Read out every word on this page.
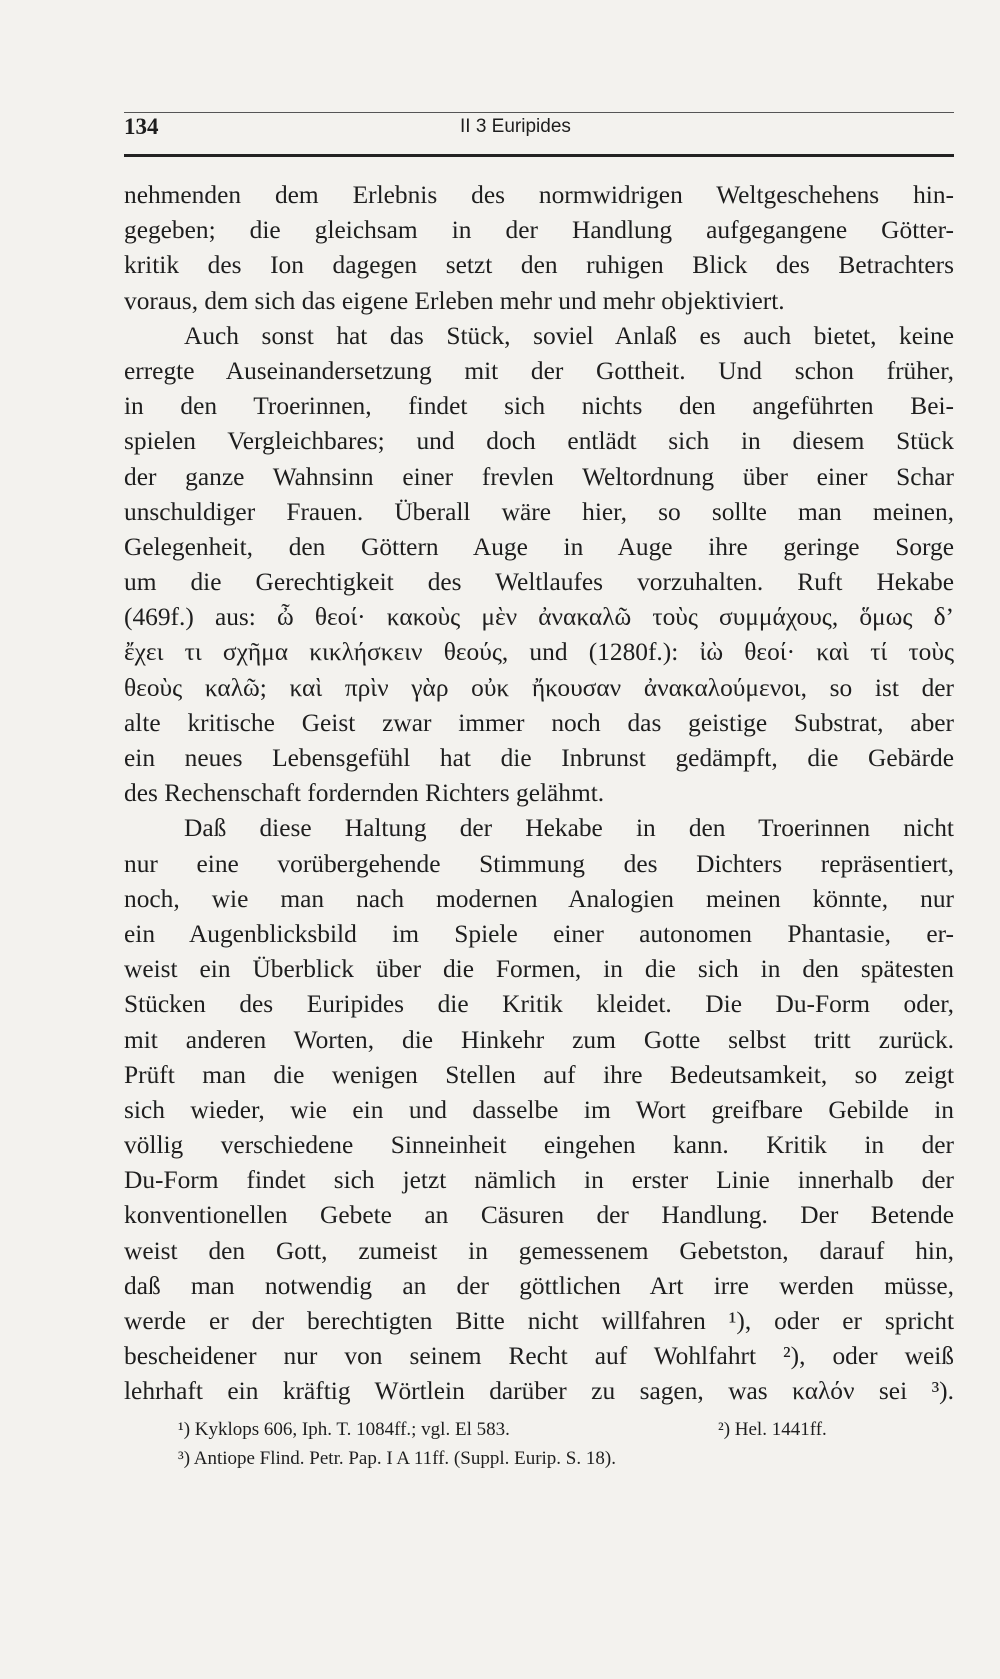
134	II 3 Euripides
nehmenden dem Erlebnis des normwidrigen Weltgeschehens hin-
gegeben; die gleichsam in der Handlung aufgegangene Götter-
kritik des Ion dagegen setzt den ruhigen Blick des Betrachters
voraus, dem sich das eigene Erleben mehr und mehr objektiviert.
Auch sonst hat das Stück, soviel Anlaß es auch bietet, keine
erregte Auseinandersetzung mit der Gottheit. Und schon früher,
in den Troerinnen, findet sich nichts den angeführten Bei-
spielen Vergleichbares; und doch entlädt sich in diesem Stück
der ganze Wahnsinn einer frevlen Weltordnung über einer Schar
unschuldiger Frauen. Überall wäre hier, so sollte man meinen,
Gelegenheit, den Göttern Auge in Auge ihre geringe Sorge
um die Gerechtigkeit des Weltlaufes vorzuhalten. Ruft Hekabe
(469f.) aus: ὦ θεοί· κακοὺς μὲν ἀνακαλῶ τοὺς συμμάχους, ὅμως δ’
ἔχει τι σχῆμα κικλήσκειν θεούς, und (1280f.): ἰὼ θεοί· καὶ τί τοὺς
θεοὺς καλῶ; καὶ πρὶν γὰρ οὐκ ἤκουσαν ἀνακαλούμενοι, so ist der
alte kritische Geist zwar immer noch das geistige Substrat, aber
ein neues Lebensgefühl hat die Inbrunst gedämpft, die Gebärde
des Rechenschaft fordernden Richters gelähmt.
Daß diese Haltung der Hekabe in den Troerinnen nicht
nur eine vorübergehende Stimmung des Dichters repräsentiert,
noch, wie man nach modernen Analogien meinen könnte, nur
ein Augenblicksbild im Spiele einer autonomen Phantasie, er-
weist ein Überblick über die Formen, in die sich in den spätesten
Stücken des Euripides die Kritik kleidet. Die Du-Form oder,
mit anderen Worten, die Hinkehr zum Gotte selbst tritt zurück.
Prüft man die wenigen Stellen auf ihre Bedeutsamkeit, so zeigt
sich wieder, wie ein und dasselbe im Wort greifbare Gebilde in
völlig verschiedene Sinneinheit eingehen kann. Kritik in der
Du-Form findet sich jetzt nämlich in erster Linie innerhalb der
konventionellen Gebete an Cäsuren der Handlung. Der Betende
weist den Gott, zumeist in gemessenem Gebetston, darauf hin,
daß man notwendig an der göttlichen Art irre werden müsse,
werde er der berechtigten Bitte nicht willfahren ¹), oder er spricht
bescheidener nur von seinem Recht auf Wohlfahrt ²), oder weiß
lehrhaft ein kräftig Wörtlein darüber zu sagen, was καλόν sei ³).
¹) Kyklops 606, Iph. T. 1084ff.; vgl. El 583.	²) Hel. 1441ff.
³) Antiope Flind. Petr. Pap. I A 11ff. (Suppl. Eurip. S. 18).
